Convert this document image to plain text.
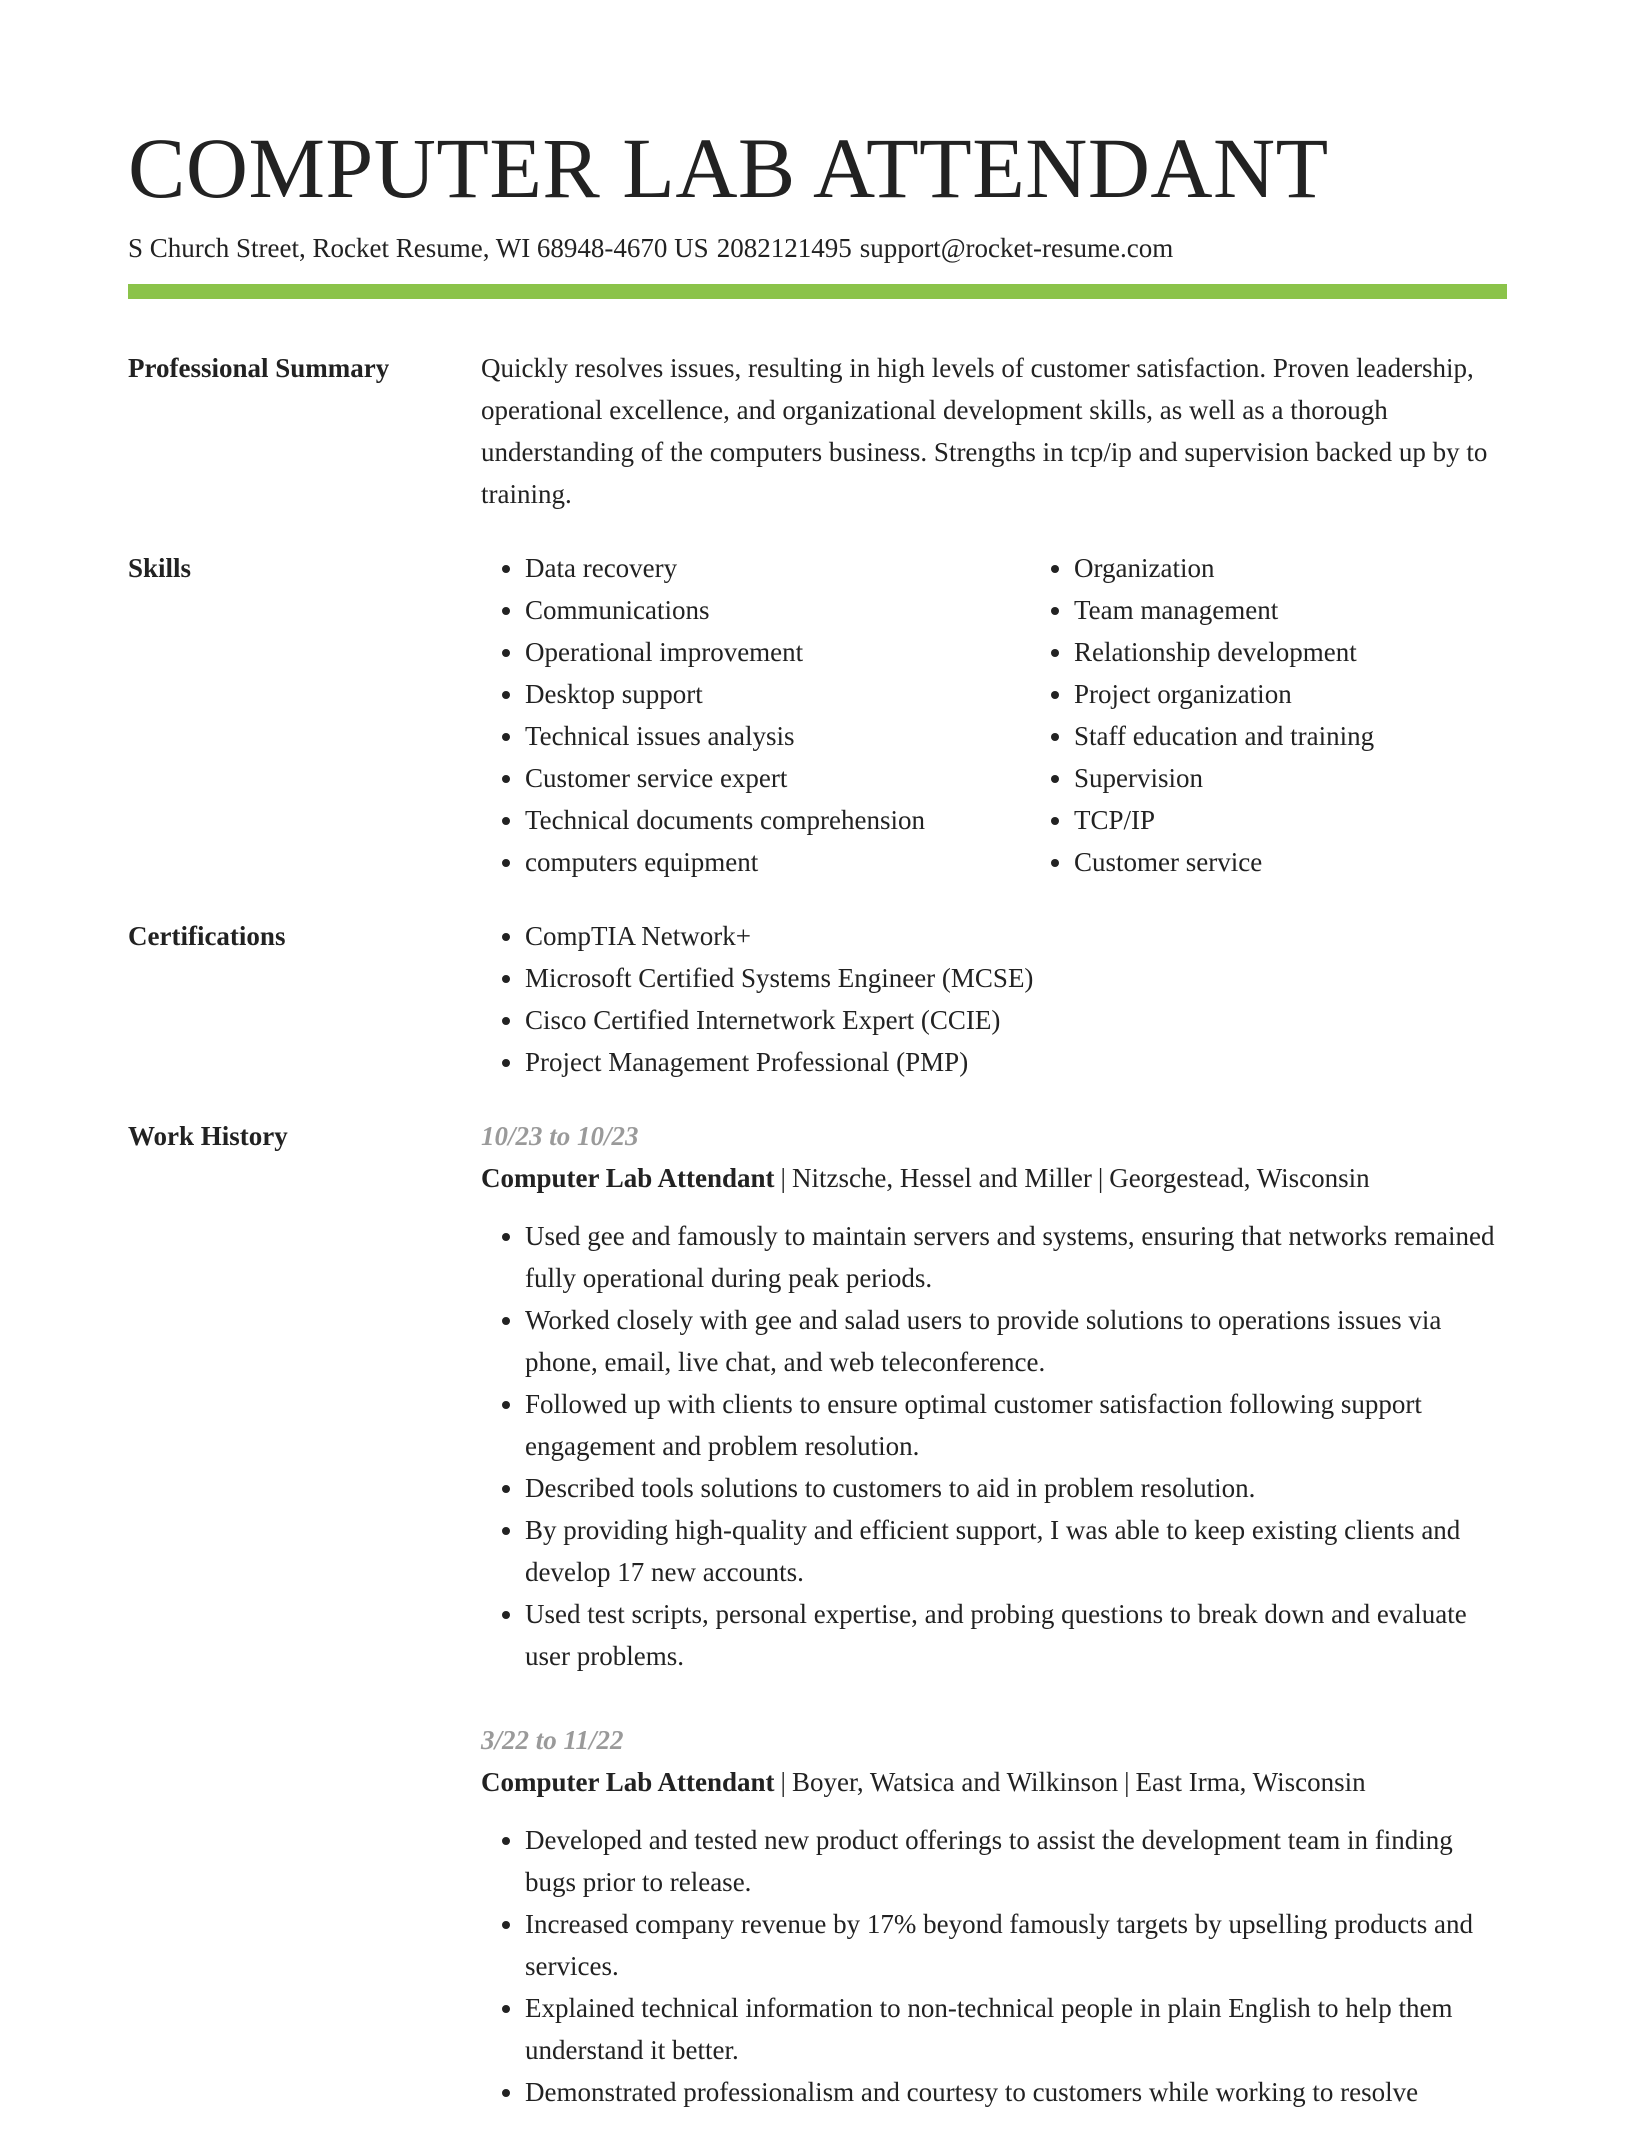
COMPUTER LAB ATTENDANT
S Church Street, Rocket Resume, WI 68948-4670 US 2082121495 support@rocket-resume.com
Professional Summary	Quickly resolves issues, resulting in high levels of customer satisfaction. Proven leadership, operational excellence, and organizational development skills, as well as a thorough understanding of the computers business. Strengths in tcp/ip and supervision backed up by to training.
Skills	• Data recovery
• Communications
• Operational improvement
• Desktop support
• Technical issues analysis
• Customer service expert
• Technical documents comprehension
• computers equipment
• Organization
• Team management
• Relationship development
• Project organization
• Staff education and training
• Supervision
• TCP/IP
• Customer service
Certifications	• CompTIA Network+
• Microsoft Certified Systems Engineer (MCSE)
• Cisco Certified Internetwork Expert (CCIE)
• Project Management Professional (PMP)
Work History	10/23 to 10/23
Computer Lab Attendant | Nitzsche, Hessel and Miller | Georgestead, Wisconsin
• Used gee and famously to maintain servers and systems, ensuring that networks remained fully operational during peak periods.
• Worked closely with gee and salad users to provide solutions to operations issues via phone, email, live chat, and web teleconference.
• Followed up with clients to ensure optimal customer satisfaction following support engagement and problem resolution.
• Described tools solutions to customers to aid in problem resolution.
• By providing high-quality and efficient support, I was able to keep existing clients and develop 17 new accounts.
• Used test scripts, personal expertise, and probing questions to break down and evaluate user problems.
3/22 to 11/22
Computer Lab Attendant | Boyer, Watsica and Wilkinson | East Irma, Wisconsin
• Developed and tested new product offerings to assist the development team in finding bugs prior to release.
• Increased company revenue by 17% beyond famously targets by upselling products and services.
• Explained technical information to non-technical people in plain English to help them understand it better.
• Demonstrated professionalism and courtesy to customers while working to resolve
